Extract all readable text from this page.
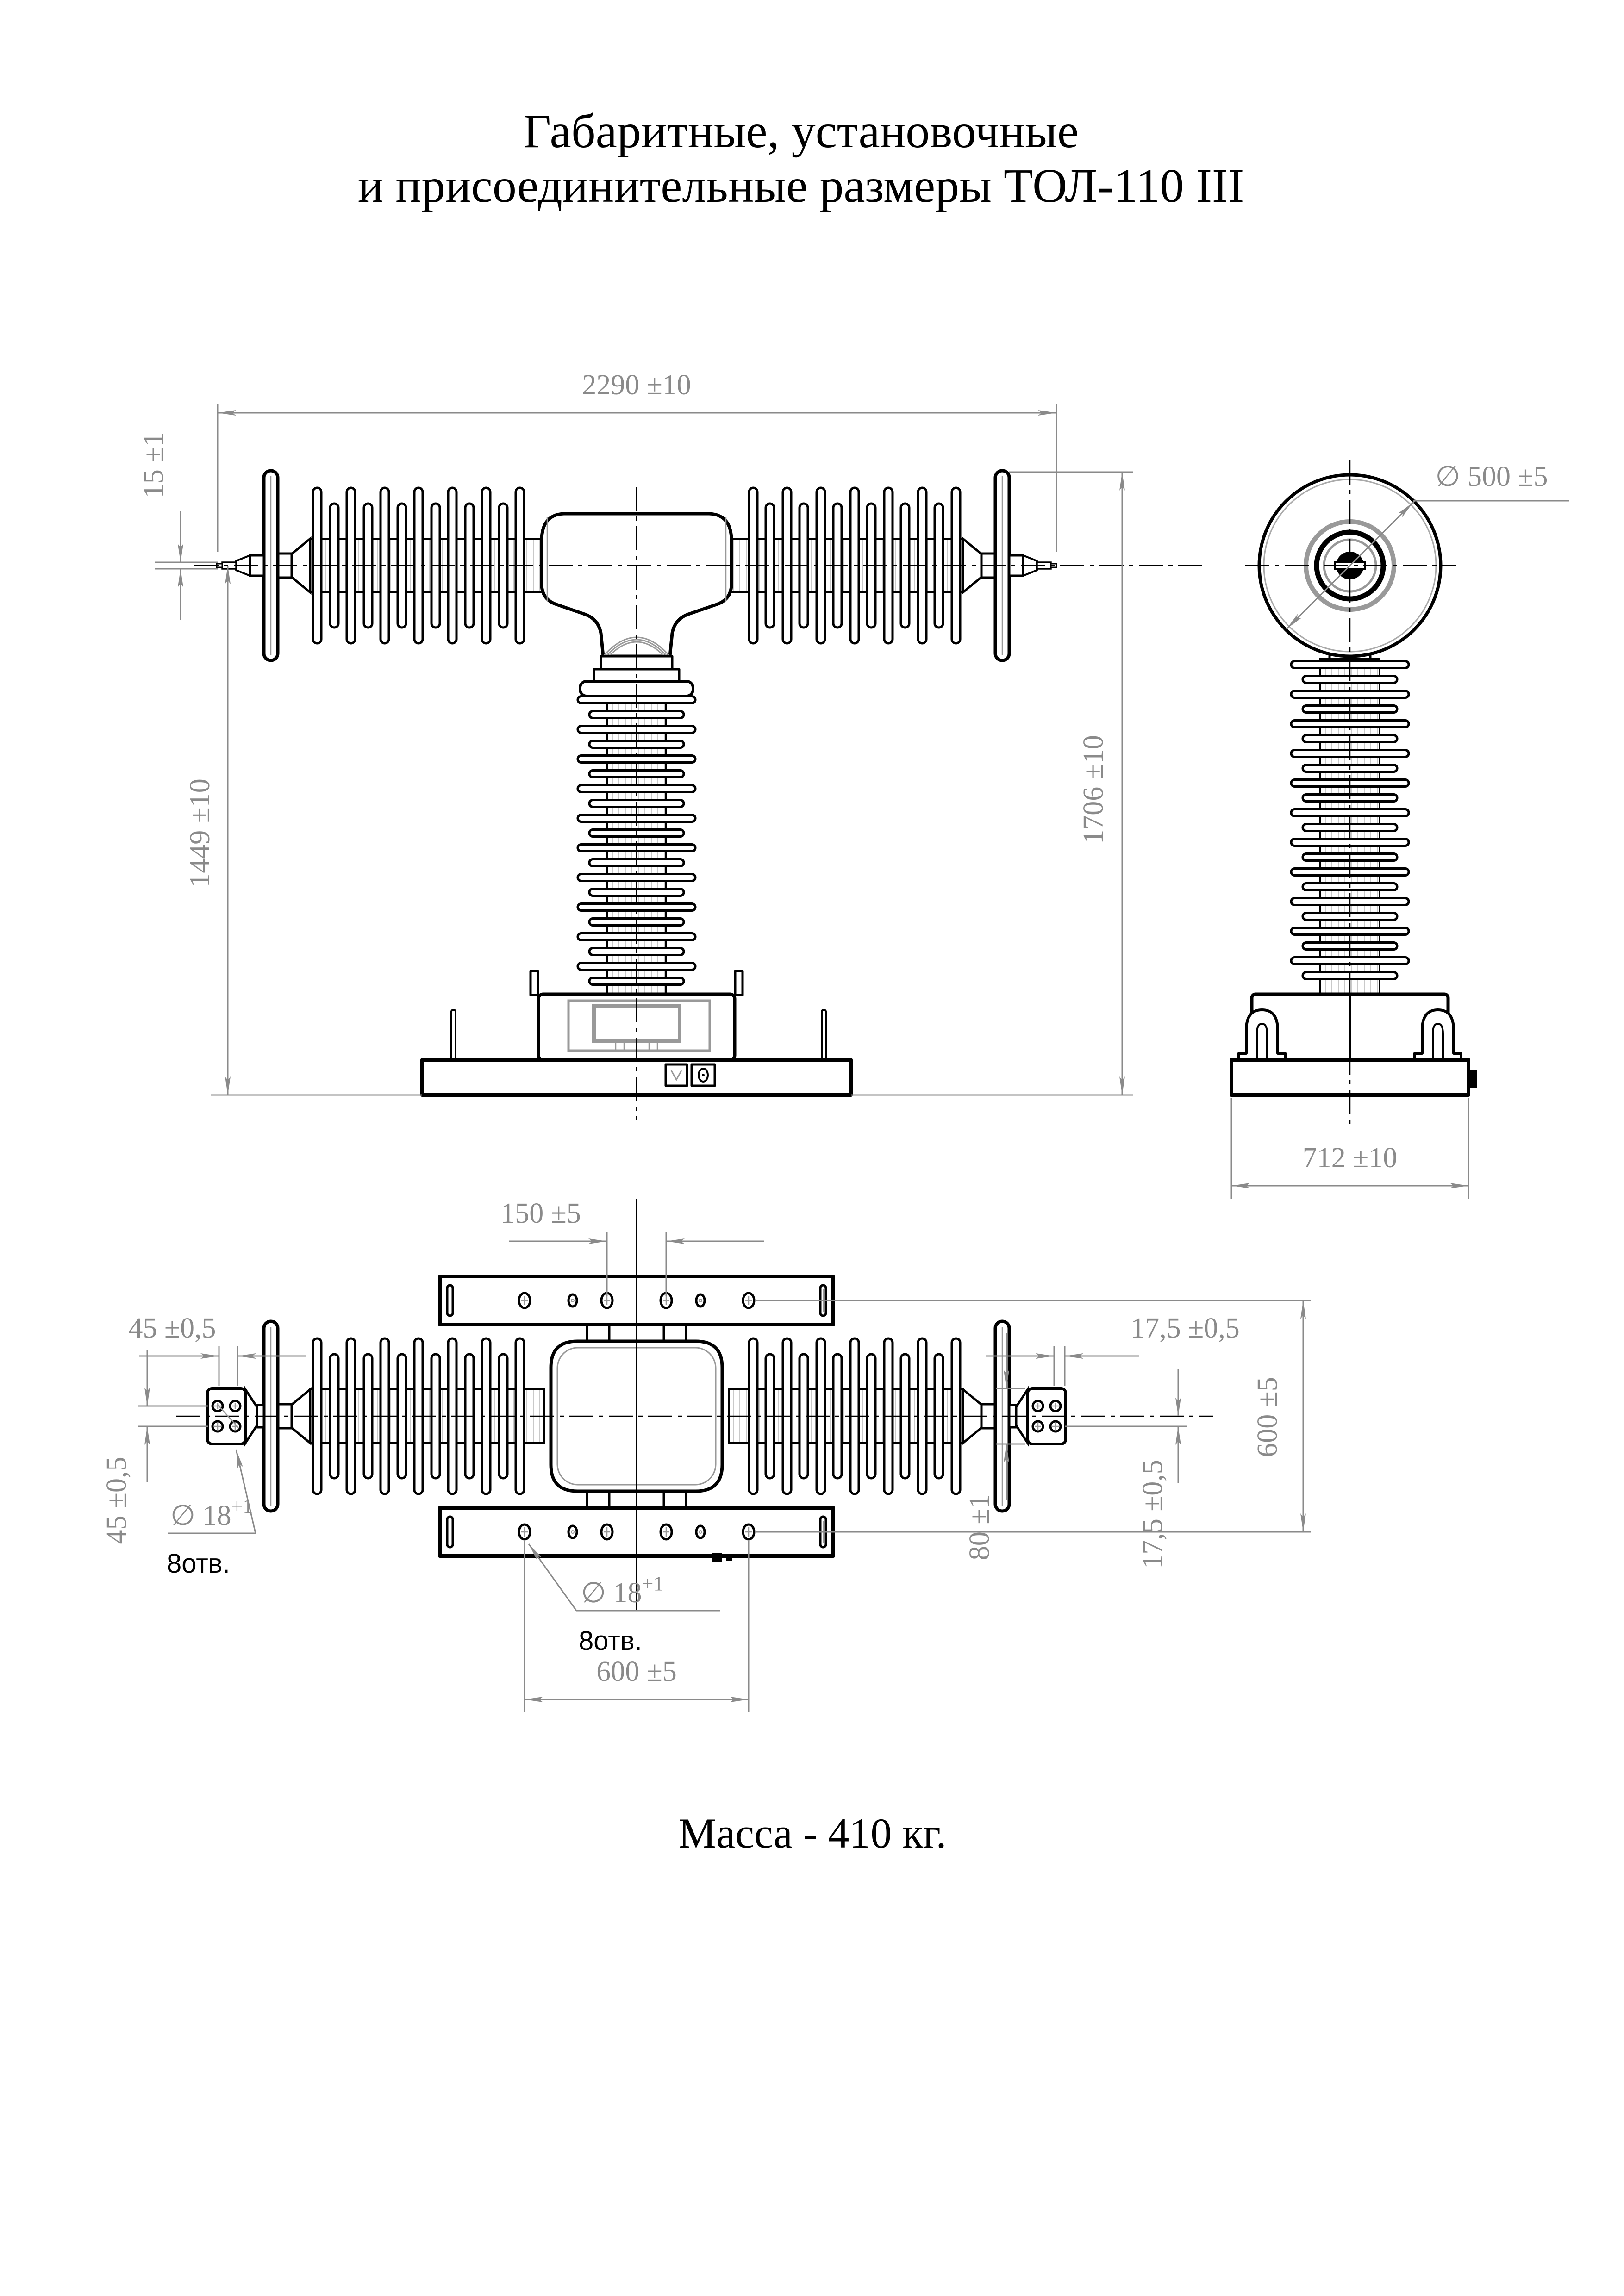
Габаритные, установочные
и присоединительные размеры ТОЛ-110 III
2290 ±10
15 ±1
1449 ±10	1706 ±10
∅ 500 ±5
712 ±10
150 ±5
45 ±0,5
45 ±0,5 ∅ $18^{+1}$
8отв.
17,5 ±0,5
80 ±1	17,5 ±0,5
600 ±5
600 ±5
∅ $18^{+1}$
8отв.
Масса - 410 кг.
